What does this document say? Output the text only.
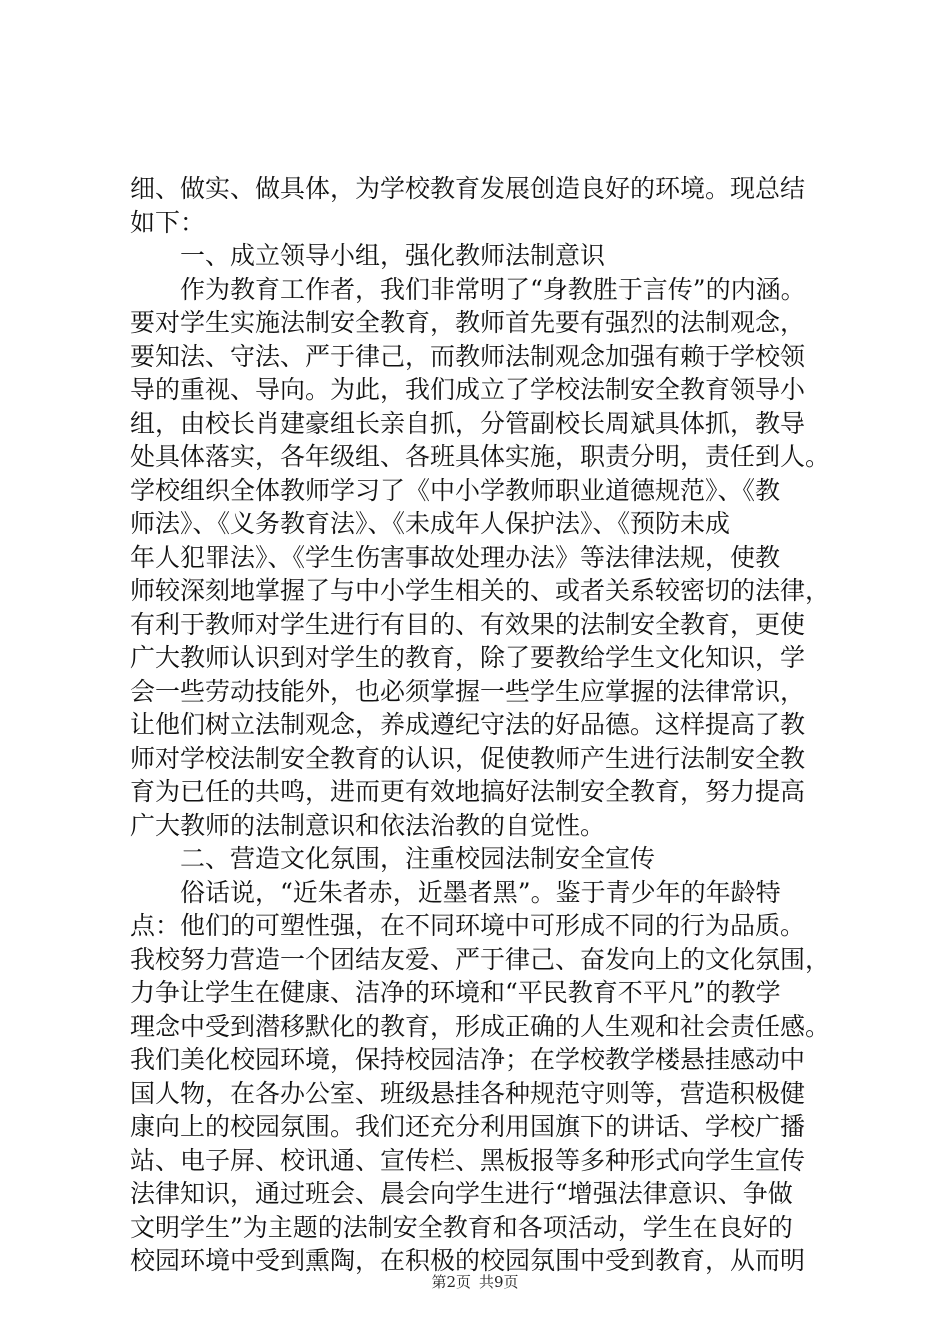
细、做实、做具体，为学校教育发展创造良好的环境。现总结
如下：
一、成立领导小组，强化教师法制意识
作为教育工作者，我们非常明了“身教胜于言传”的内涵。
要对学生实施法制安全教育，教师首先要有强烈的法制观念，
要知法、守法、严于律己，而教师法制观念加强有赖于学校领
导的重视、导向。为此，我们成立了学校法制安全教育领导小
组，由校长肖建豪组长亲自抓，分管副校长周斌具体抓，教导
处具体落实，各年级组、各班具体实施，职责分明，责任到人。
学校组织全体教师学习了《中小学教师职业道德规范》、《教
师法》、《义务教育法》、《未成年人保护法》、《预防未成
年人犯罪法》、《学生伤害事故处理办法》等法律法规，使教
师较深刻地掌握了与中小学生相关的、或者关系较密切的法律，
有利于教师对学生进行有目的、有效果的法制安全教育，更使
广大教师认识到对学生的教育，除了要教给学生文化知识，学
会一些劳动技能外，也必须掌握一些学生应掌握的法律常识，
让他们树立法制观念，养成遵纪守法的好品德。这样提高了教
师对学校法制安全教育的认识，促使教师产生进行法制安全教
育为已任的共鸣，进而更有效地搞好法制安全教育，努力提高
广大教师的法制意识和依法治教的自觉性。
二、营造文化氛围，注重校园法制安全宣传
俗话说，“近朱者赤，近墨者黑”。鉴于青少年的年龄特
点：他们的可塑性强，在不同环境中可形成不同的行为品质。
我校努力营造一个团结友爱、严于律己、奋发向上的文化氛围，
力争让学生在健康、洁净的环境和“平民教育不平凡”的教学
理念中受到潜移默化的教育，形成正确的人生观和社会责任感。
我们美化校园环境，保持校园洁净；在学校教学楼悬挂感动中
国人物，在各办公室、班级悬挂各种规范守则等，营造积极健
康向上的校园氛围。我们还充分利用国旗下的讲话、学校广播
站、电子屏、校讯通、宣传栏、黑板报等多种形式向学生宣传
法律知识，通过班会、晨会向学生进行“增强法律意识、争做
文明学生”为主题的法制安全教育和各项活动，学生在良好的
校园环境中受到熏陶，在积极的校园氛围中受到教育，从而明
第2页 共9页
